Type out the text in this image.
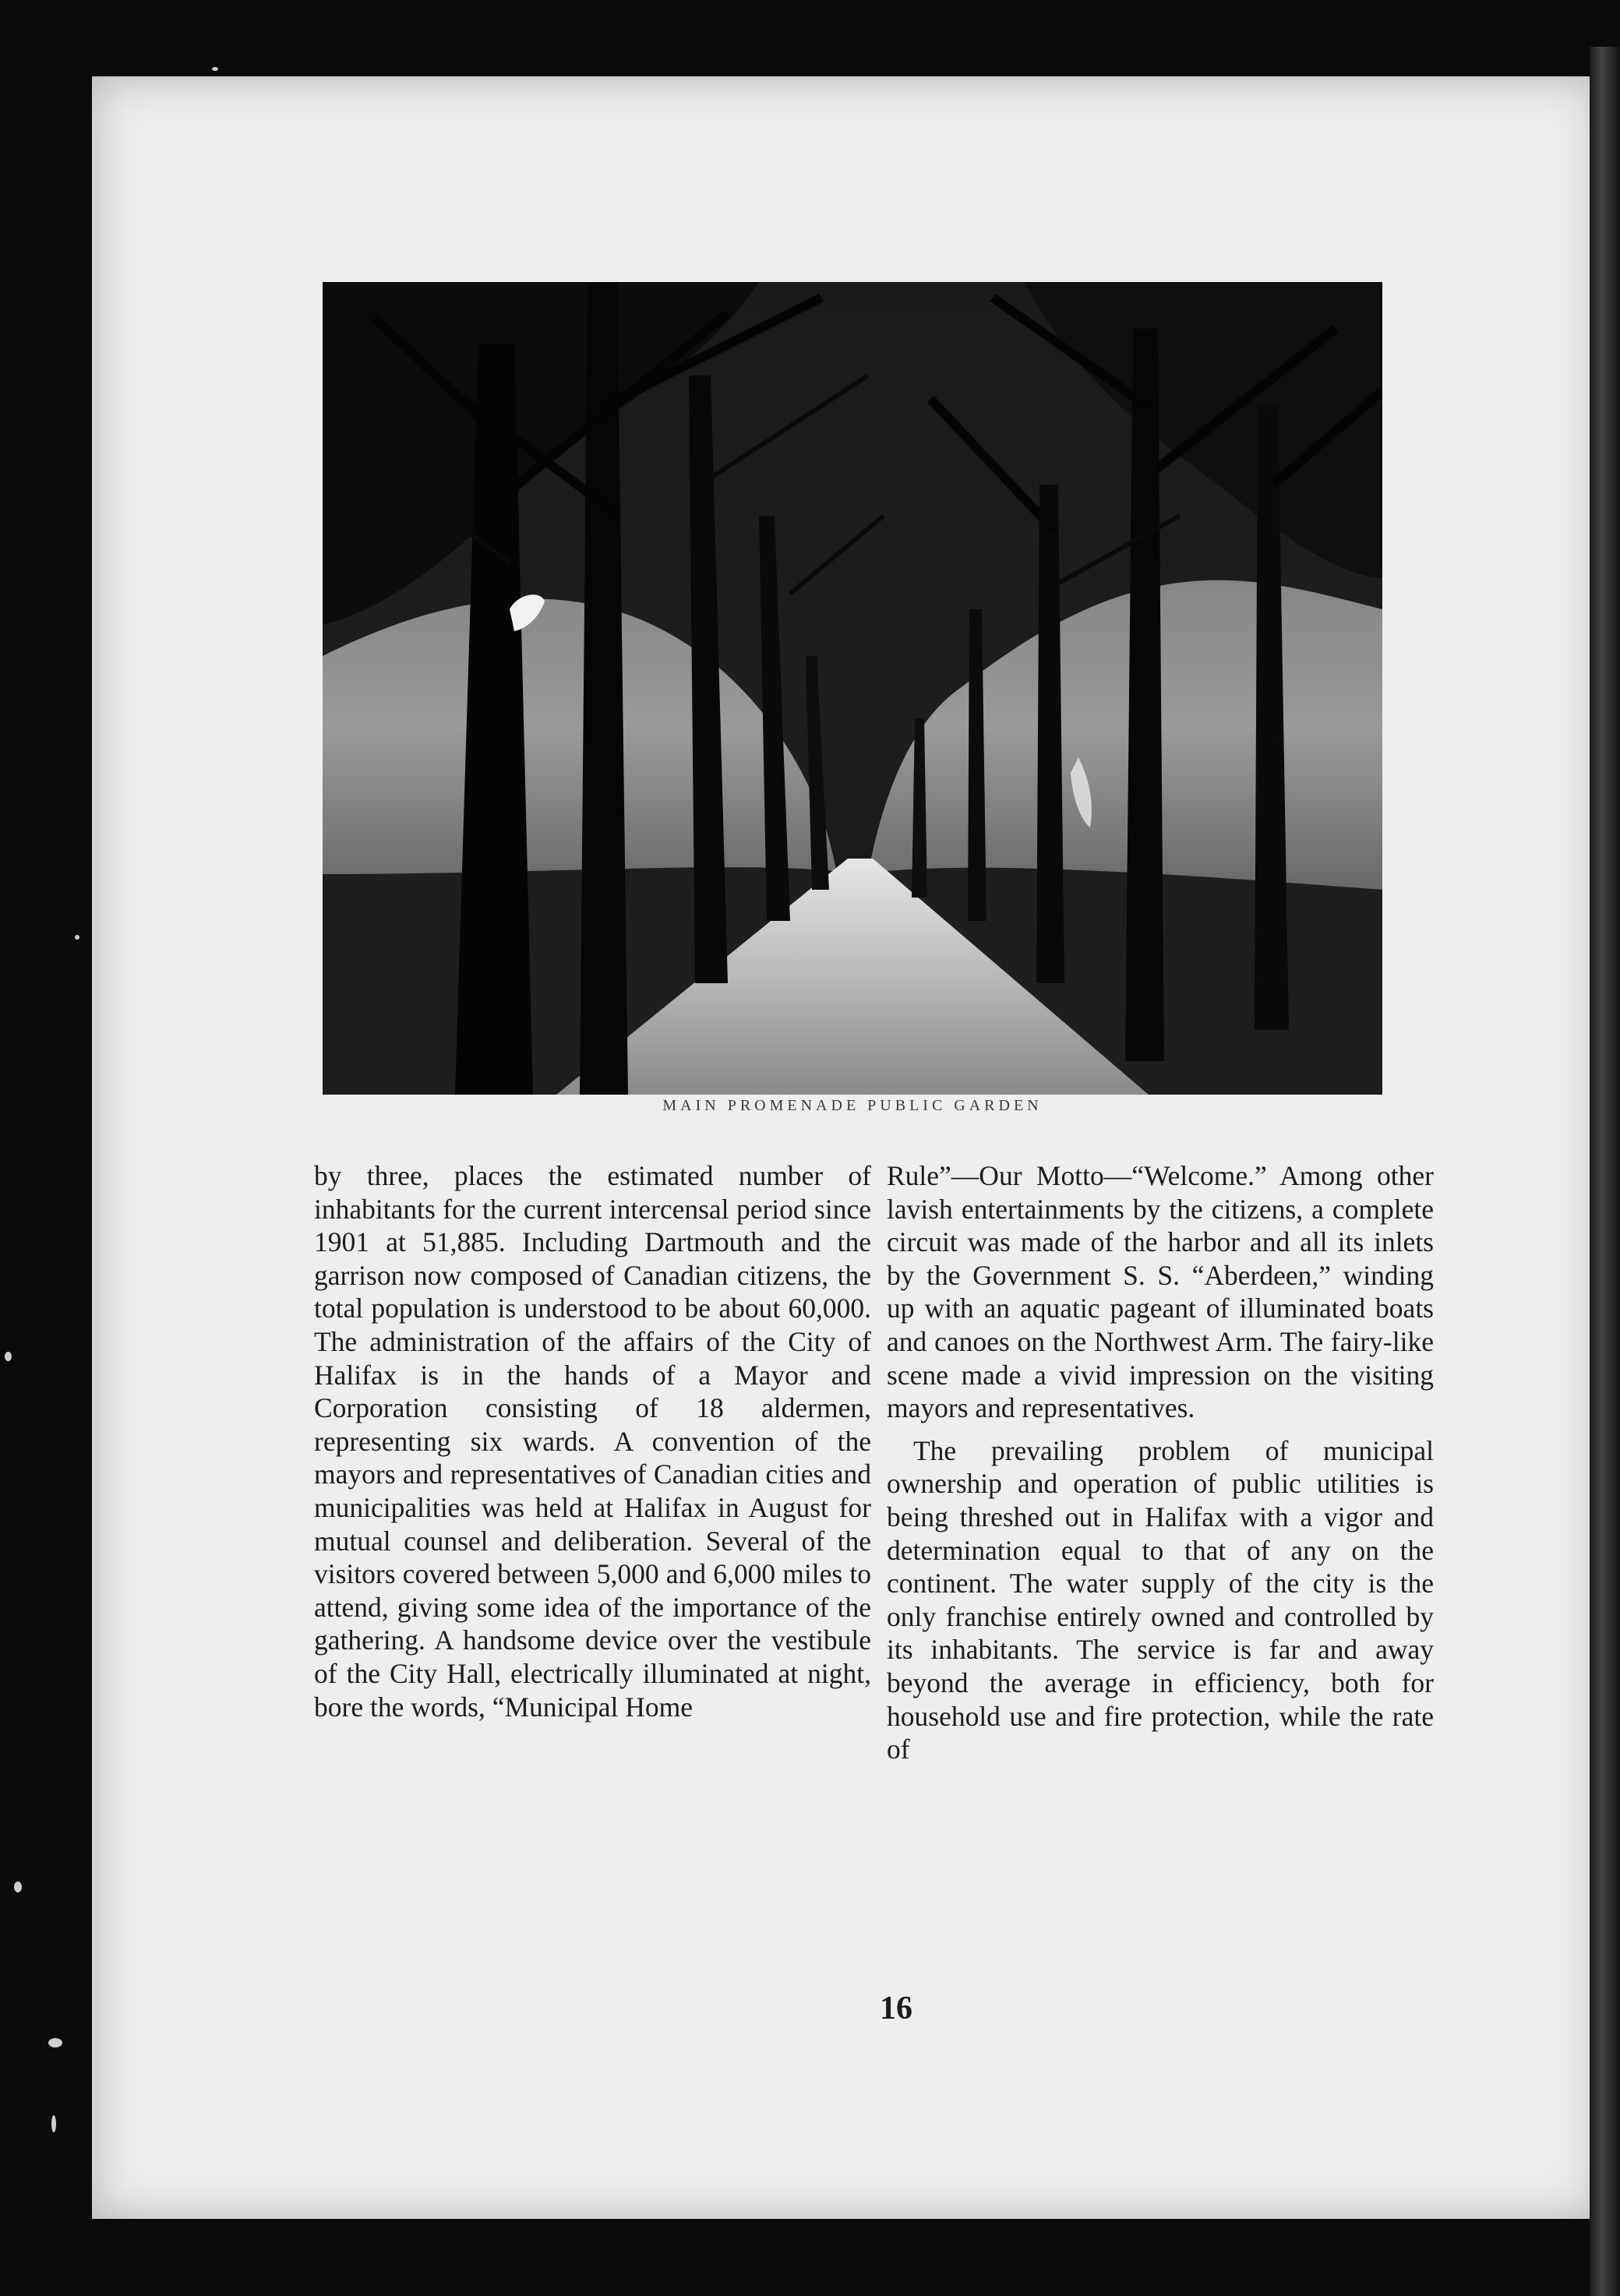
MAIN PROMENADE PUBLIC GARDEN

by three, places the estimated number of inhabitants for the current intercensal period since 1901 at 51,885. Including Dartmouth and the garrison now composed of Canadian citizens, the total population is understood to be about 60,000. The administration of the affairs of the City of Halifax is in the hands of a Mayor and Corporation consisting of 18 aldermen, representing six wards. A convention of the mayors and representatives of Canadian cities and municipalities was held at Halifax in August for mutual counsel and deliberation. Several of the visitors covered between 5,000 and 6,000 miles to attend, giving some idea of the importance of the gathering. A handsome device over the vestibule of the City Hall, electrically illuminated at night, bore the words, “Municipal Home

Rule”—Our Motto—“Welcome.” Among other lavish entertainments by the citizens, a complete circuit was made of the harbor and all its inlets by the Government S. S. “Aberdeen,” winding up with an aquatic pageant of illuminated boats and canoes on the Northwest Arm. The fairy-like scene made a vivid impression on the visiting mayors and representatives.

The prevailing problem of municipal ownership and operation of public utilities is being threshed out in Halifax with a vigor and determination equal to that of any on the continent. The water supply of the city is the only franchise entirely owned and controlled by its inhabitants. The service is far and away beyond the average in efficiency, both for household use and fire protection, while the rate of

16
